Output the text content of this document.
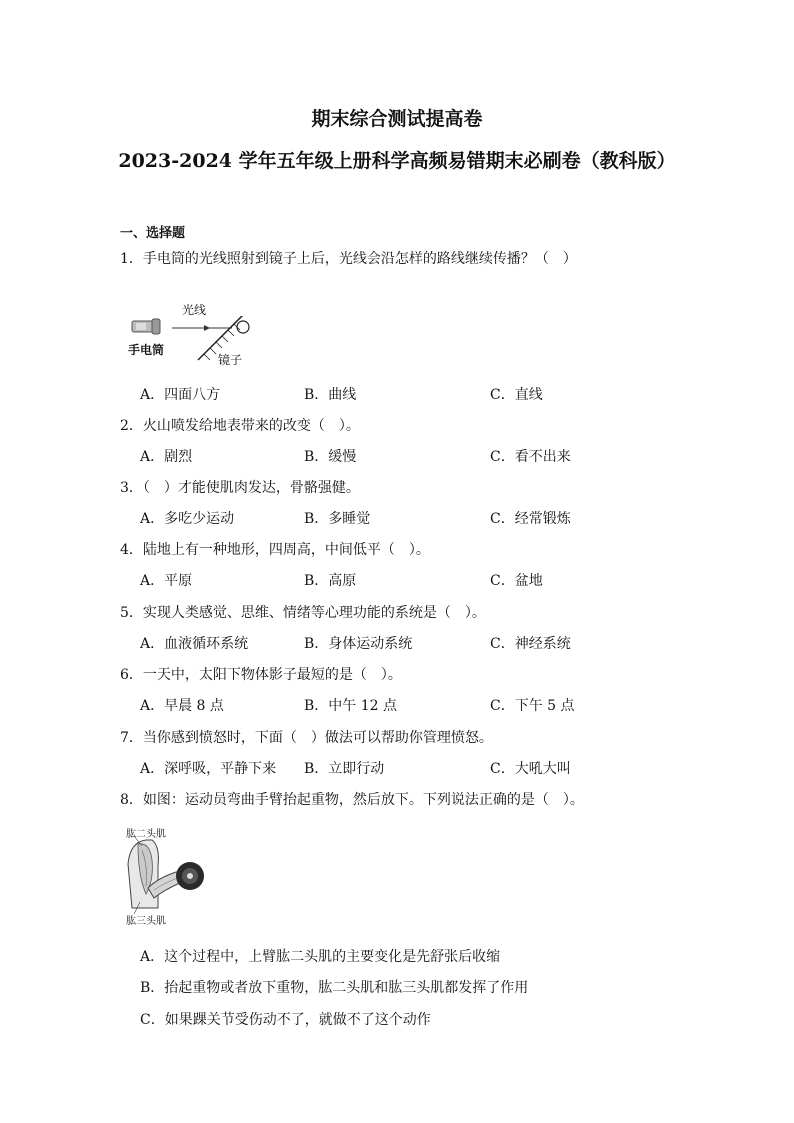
期末综合测试提高卷
2023-2024 学年五年级上册科学高频易错期末必刷卷（教科版）
一、选择题
1．手电筒的光线照射到镜子上后，光线会沿怎样的路线继续传播？（　）
光线
手电筒
镜子
A．四面八方	B．曲线	C．直线
2．火山喷发给地表带来的改变（　）。
A．剧烈	B．缓慢	C．看不出来
3．（　）才能使肌肉发达，骨骼强健。
A．多吃少运动	B．多睡觉	C．经常锻炼
4．陆地上有一种地形，四周高，中间低平（　）。
A．平原	B．高原	C．盆地
5．实现人类感觉、思维、情绪等心理功能的系统是（　）。
A．血液循环系统	B．身体运动系统	C．神经系统
6．一天中，太阳下物体影子最短的是（　）。
A．早晨 8 点	B．中午 12 点	C．下午 5 点
7．当你感到愤怒时，下面（　）做法可以帮助你管理愤怒。
A．深呼吸，平静下来 B．立即行动	C．大吼大叫
8．如图：运动员弯曲手臂抬起重物，然后放下。下列说法正确的是（　）。
肱二头肌
肱三头肌
A．这个过程中，上臂肱二头肌的主要变化是先舒张后收缩
B．抬起重物或者放下重物，肱二头肌和肱三头肌都发挥了作用
C．如果踝关节受伤动不了，就做不了这个动作
